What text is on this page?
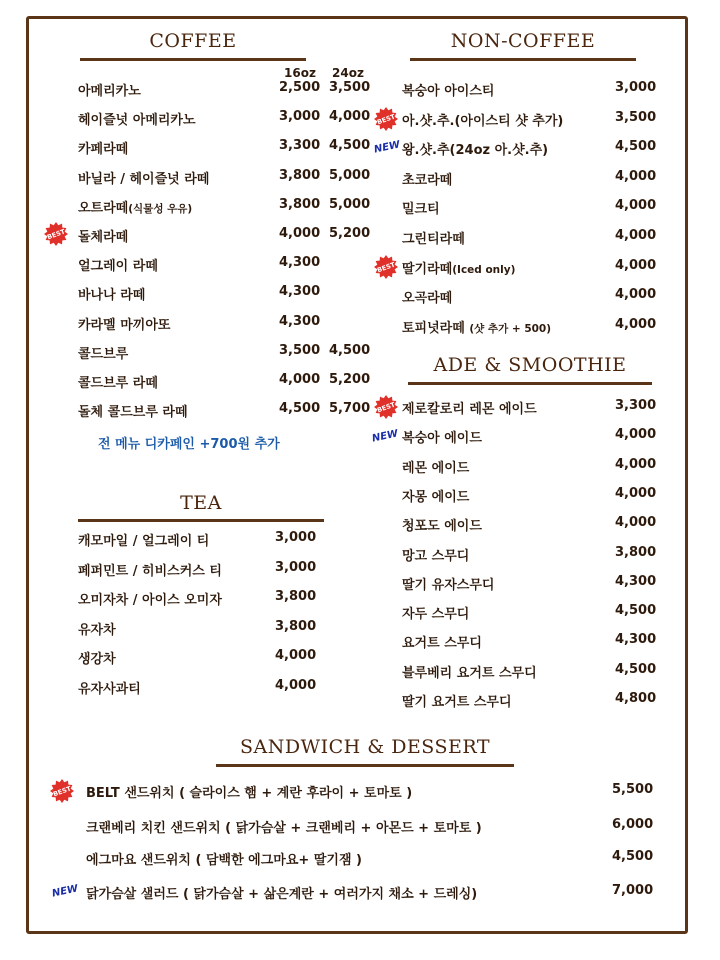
COFFEE
16oz 24oz
아메리카노	2,500 3,500
헤이즐넛 아메리카노	3,000 4,000
카페라떼	3,300 4,500
바닐라 / 헤이즐넛 라떼	3,800 5,000
오트라떼(식물성 우유)	3,800 5,000
돌체라떼	4,000 5,200
BEST
얼그레이 라떼	4,300
바나나 라떼	4,300
카라멜 마끼아또	4,300
콜드브루	3,500 4,500
콜드브루 라떼	4,000 5,200
돌체 콜드브루 라떼	4,500 5,700
전 메뉴 디카페인 +700원 추가
NON-COFFEE
복숭아 아이스티	3,000
아.샷.추.(아이스티 샷 추가)	3,500
BEST
왕.샷.추(24oz 아.샷.추)	4,500
NEW
초코라떼	4,000
밀크티	4,000
그린티라떼	4,000
딸기라떼(Iced only)	4,000
BEST
오곡라떼	4,000
토피넛라떼 (샷 추가 + 500)	4,000
ADE & SMOOTHIE
제로칼로리 레몬 에이드	3,300
BEST
복숭아 에이드	4,000
NEW
레몬 에이드	4,000
자몽 에이드	4,000
청포도 에이드	4,000
망고 스무디	3,800
딸기 유자스무디	4,300
자두 스무디	4,500
요거트 스무디	4,300
블루베리 요거트 스무디	4,500
딸기 요거트 스무디	4,800
TEA
캐모마일 / 얼그레이 티	3,000
페퍼민트 / 히비스커스 티	3,000
오미자차 / 아이스 오미자	3,800
유자차	3,800
생강차	4,000
유자사과티	4,000
SANDWICH & DESSERT
BELT 샌드위치 ( 슬라이스 햄 + 계란 후라이 + 토마토 )	5,500
BEST
크랜베리 치킨 샌드위치 ( 닭가슴살 + 크랜베리 + 아몬드 + 토마토 )	6,000
에그마요 샌드위치 ( 담백한 에그마요+ 딸기잼 )	4,500
닭가슴살 샐러드 ( 닭가슴살 + 삶은계란 + 여러가지 채소 + 드레싱)	7,000
NEW
